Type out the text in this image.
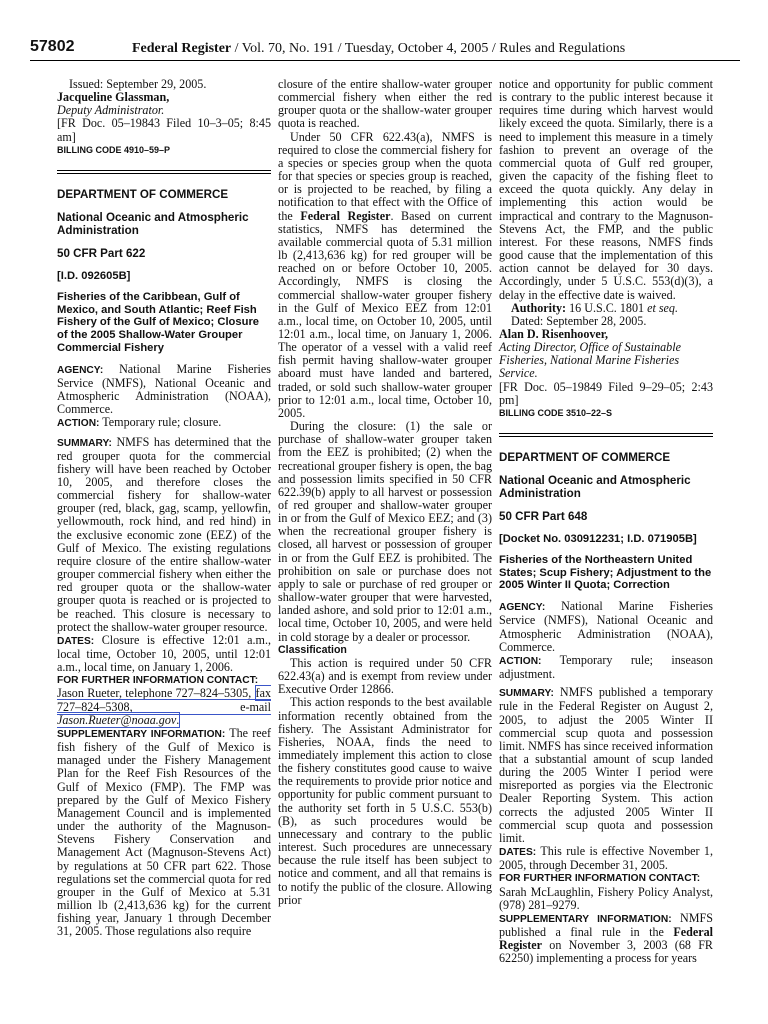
57802	Federal Register / Vol. 70, No. 191 / Tuesday, October 4, 2005 / Rules and Regulations

Issued: September 29, 2005.

Jacqueline Glassman,

Deputy Administrator.

[FR Doc. 05–19843 Filed 10–3–05; 8:45 am]

BILLING CODE 4910–59–P

DEPARTMENT OF COMMERCE
National Oceanic and Atmospheric Administration
50 CFR Part 622
[I.D. 092605B]
Fisheries of the Caribbean, Gulf of Mexico, and South Atlantic; Reef Fish Fishery of the Gulf of Mexico; Closure of the 2005 Shallow-Water Grouper Commercial Fishery

AGENCY: National Marine Fisheries Service (NMFS), National Oceanic and Atmospheric Administration (NOAA), Commerce.

ACTION: Temporary rule; closure.

SUMMARY: NMFS has determined that the red grouper quota for the commercial fishery will have been reached by October 10, 2005, and therefore closes the commercial fishery for shallow-water grouper (red, black, gag, scamp, yellowfin, yellowmouth, rock hind, and red hind) in the exclusive economic zone (EEZ) of the Gulf of Mexico. The existing regulations require closure of the entire shallow-water grouper commercial fishery when either the red grouper quota or the shallow-water grouper quota is reached or is projected to be reached. This closure is necessary to protect the shallow-water grouper resource.

DATES: Closure is effective 12:01 a.m., local time, October 10, 2005, until 12:01 a.m., local time, on January 1, 2006.

FOR FURTHER INFORMATION CONTACT:

Jason Rueter, telephone 727–824–5305, fax 727–824–5308, e-mail Jason.Rueter@noaa.gov.

SUPPLEMENTARY INFORMATION: The reef fish fishery of the Gulf of Mexico is managed under the Fishery Management Plan for the Reef Fish Resources of the Gulf of Mexico (FMP). The FMP was prepared by the Gulf of Mexico Fishery Management Council and is implemented under the authority of the Magnuson-Stevens Fishery Conservation and Management Act (Magnuson-Stevens Act) by regulations at 50 CFR part 622. Those regulations set the commercial quota for red grouper in the Gulf of Mexico at 5.31 million lb (2,413,636 kg) for the current fishing year, January 1 through December 31, 2005. Those regulations also require

closure of the entire shallow-water grouper commercial fishery when either the red grouper quota or the shallow-water grouper quota is reached.

Under 50 CFR 622.43(a), NMFS is required to close the commercial fishery for a species or species group when the quota for that species or species group is reached, or is projected to be reached, by filing a notification to that effect with the Office of the Federal Register. Based on current statistics, NMFS has determined the available commercial quota of 5.31 million lb (2,413,636 kg) for red grouper will be reached on or before October 10, 2005. Accordingly, NMFS is closing the commercial shallow-water grouper fishery in the Gulf of Mexico EEZ from 12:01 a.m., local time, on October 10, 2005, until 12:01 a.m., local time, on January 1, 2006. The operator of a vessel with a valid reef fish permit having shallow-water grouper aboard must have landed and bartered, traded, or sold such shallow-water grouper prior to 12:01 a.m., local time, October 10, 2005.

During the closure: (1) the sale or purchase of shallow-water grouper taken from the EEZ is prohibited; (2) when the recreational grouper fishery is open, the bag and possession limits specified in 50 CFR 622.39(b) apply to all harvest or possession of red grouper and shallow-water grouper in or from the Gulf of Mexico EEZ; and (3) when the recreational grouper fishery is closed, all harvest or possession of grouper in or from the Gulf EEZ is prohibited. The prohibition on sale or purchase does not apply to sale or purchase of red grouper or shallow-water grouper that were harvested, landed ashore, and sold prior to 12:01 a.m., local time, October 10, 2005, and were held in cold storage by a dealer or processor.

Classification

This action is required under 50 CFR 622.43(a) and is exempt from review under Executive Order 12866.

This action responds to the best available information recently obtained from the fishery. The Assistant Administrator for Fisheries, NOAA, finds the need to immediately implement this action to close the fishery constitutes good cause to waive the requirements to provide prior notice and opportunity for public comment pursuant to the authority set forth in 5 U.S.C. 553(b)(B), as such procedures would be unnecessary and contrary to the public interest. Such procedures are unnecessary because the rule itself has been subject to notice and comment, and all that remains is to notify the public of the closure. Allowing prior

notice and opportunity for public comment is contrary to the public interest because it requires time during which harvest would likely exceed the quota. Similarly, there is a need to implement this measure in a timely fashion to prevent an overage of the commercial quota of Gulf red grouper, given the capacity of the fishing fleet to exceed the quota quickly. Any delay in implementing this action would be impractical and contrary to the Magnuson-Stevens Act, the FMP, and the public interest. For these reasons, NMFS finds good cause that the implementation of this action cannot be delayed for 30 days. Accordingly, under 5 U.S.C. 553(d)(3), a delay in the effective date is waived.

Authority: 16 U.S.C. 1801 et seq.

Dated: September 28, 2005.

Alan D. Risenhoover,

Acting Director, Office of Sustainable Fisheries, National Marine Fisheries Service.

[FR Doc. 05–19849 Filed 9–29–05; 2:43 pm]

BILLING CODE 3510–22–S

DEPARTMENT OF COMMERCE
National Oceanic and Atmospheric Administration
50 CFR Part 648
[Docket No. 030912231; I.D. 071905B]
Fisheries of the Northeastern United States; Scup Fishery; Adjustment to the 2005 Winter II Quota; Correction

AGENCY: National Marine Fisheries Service (NMFS), National Oceanic and Atmospheric Administration (NOAA), Commerce.

ACTION: Temporary rule; inseason adjustment.

SUMMARY: NMFS published a temporary rule in the Federal Register on August 2, 2005, to adjust the 2005 Winter II commercial scup quota and possession limit. NMFS has since received information that a substantial amount of scup landed during the 2005 Winter I period were misreported as porgies via the Electronic Dealer Reporting System. This action corrects the adjusted 2005 Winter II commercial scup quota and possession limit.

DATES: This rule is effective November 1, 2005, through December 31, 2005.

FOR FURTHER INFORMATION CONTACT:

Sarah McLaughlin, Fishery Policy Analyst, (978) 281–9279.

SUPPLEMENTARY INFORMATION: NMFS published a final rule in the Federal Register on November 3, 2003 (68 FR 62250) implementing a process for years
